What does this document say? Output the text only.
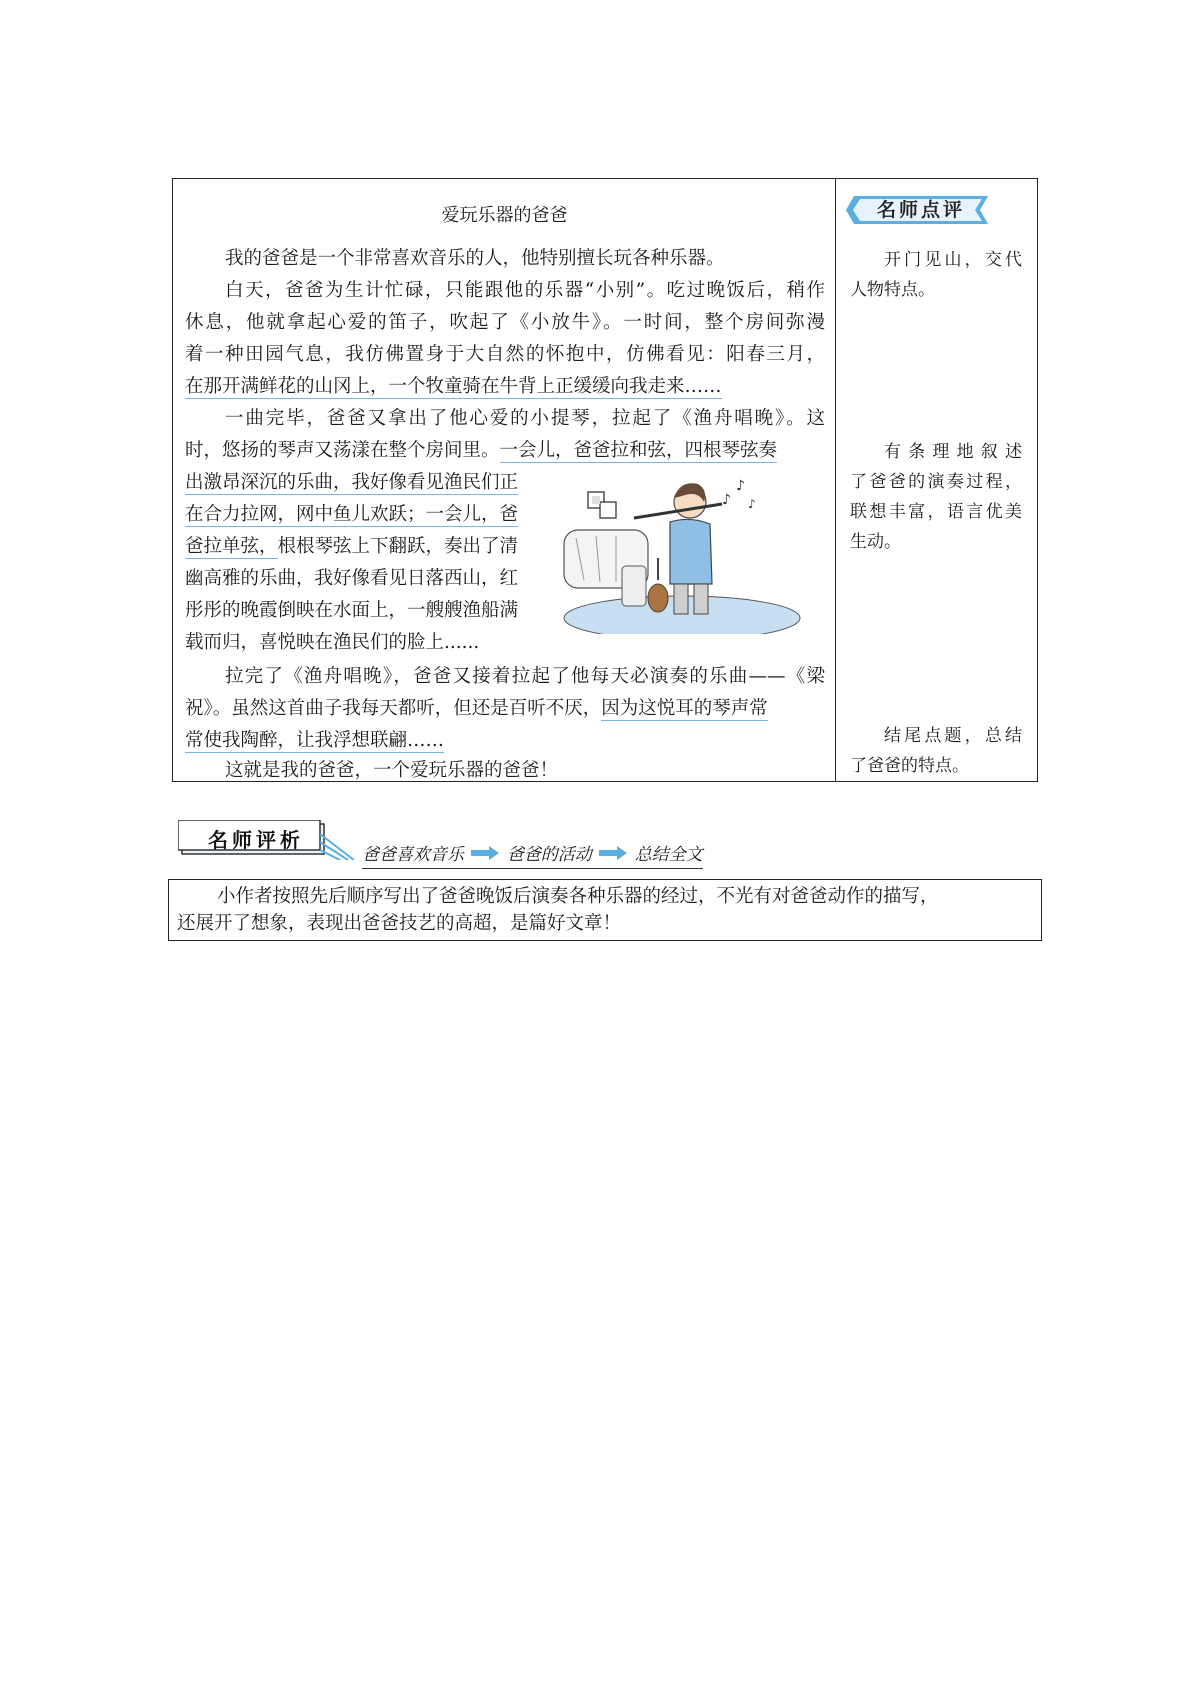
爱玩乐器的爸爸
我的爸爸是一个非常喜欢音乐的人，他特别擅长玩各种乐器。
白天，爸爸为生计忙碌，只能跟他的乐器“小别”。吃过晚饭后，稍作
休息，他就拿起心爱的笛子，吹起了《小放牛》。一时间，整个房间弥漫
着一种田园气息，我仿佛置身于大自然的怀抱中，仿佛看见：阳春三月，
在那开满鲜花的山冈上，一个牧童骑在牛背上正缓缓向我走来……
一曲完毕，爸爸又拿出了他心爱的小提琴，拉起了《渔舟唱晚》。这
时，悠扬的琴声又荡漾在整个房间里。一会儿，爸爸拉和弦，四根琴弦奏
出激昂深沉的乐曲，我好像看见渔民们正
在合力拉网，网中鱼儿欢跃；一会儿，爸
爸拉单弦，根根琴弦上下翻跃，奏出了清
幽高雅的乐曲，我好像看见日落西山，红
彤彤的晚霞倒映在水面上，一艘艘渔船满
载而归，喜悦映在渔民们的脸上......
拉完了《渔舟唱晚》，爸爸又接着拉起了他每天必演奏的乐曲——《梁
祝》。虽然这首曲子我每天都听，但还是百听不厌，因为这悦耳的琴声常
常使我陶醉，让我浮想联翩……
这就是我的爸爸，一个爱玩乐器的爸爸！
名师点评
开门见山，交代
人物特点。
有条理地叙述
了爸爸的演奏过程，
联想丰富，语言优美
生动。
结尾点题，总结
了爸爸的特点。
♪
♪
♪
名师评析
爸爸喜欢音乐	爸爸的活动	总结全文
小作者按照先后顺序写出了爸爸晚饭后演奏各种乐器的经过，不光有对爸爸动作的描写，
还展开了想象，表现出爸爸技艺的高超，是篇好文章！
